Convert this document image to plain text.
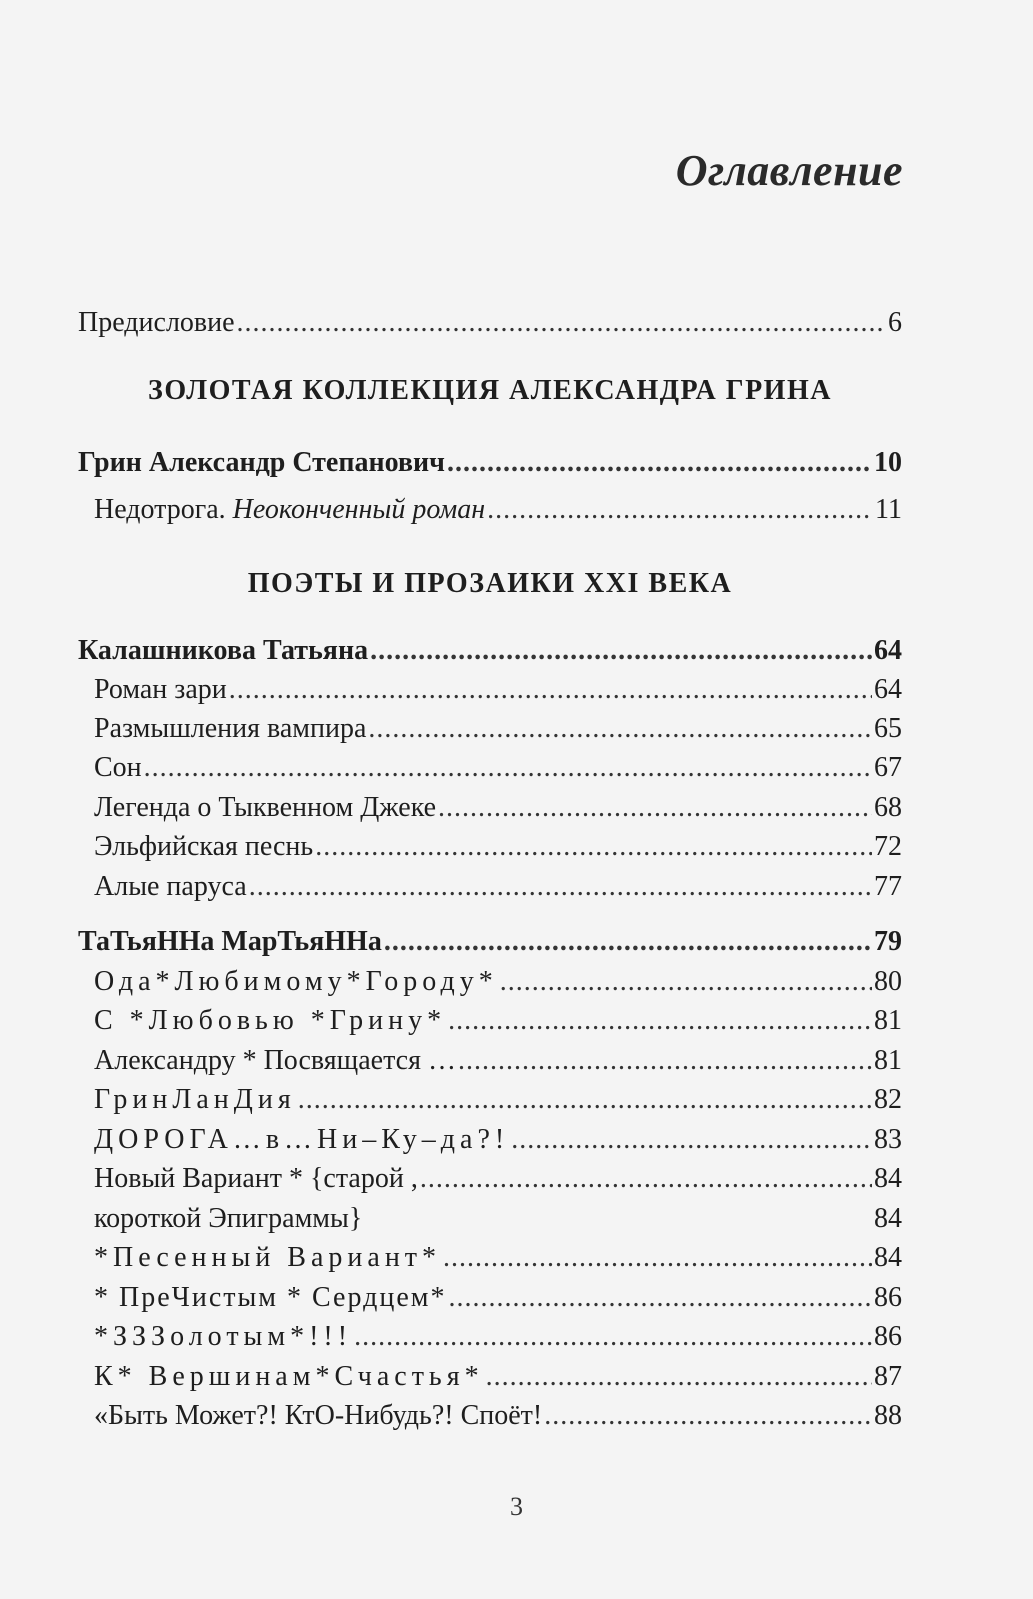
Оглавление
Предисловие .....	6
ЗОЛОТАЯ КОЛЛЕКЦИЯ АЛЕКСАНДРА ГРИНА
Грин Александр Степанович .....	10
Недотрога. Неоконченный роман .....	11
ПОЭТЫ И ПРОЗАИКИ XXI ВЕКА
Калашникова Татьяна .....	64
Роман зари .....	64
Размышления вампира .....	65
Сон .....	67
Легенда о Тыквенном Джеке .....	68
Эльфийская песнь .....	72
Алые паруса .....	77
ТаТьяННа МарТьяННа .....	79
Ода*Любимому*Городу* .....	80
С *Любовью *Грину* .....	81
Александру * Посвящается … .....	81
ГринЛанДия .....	82
ДОРОГА…в…Ни–Ку–да?! .....	83
Новый Вариант * {старой , .....	84
короткой Эпиграммы}	84
*Песенный Вариант* .....	84
* ПреЧистым * Сердцем* .....	86
*ЗЗЗолотым*!!! .....	86
К* Вершинам*Счастья* .....	87
«Быть Может?! КтО-Нибудь?! Споёт! .....	88
3
